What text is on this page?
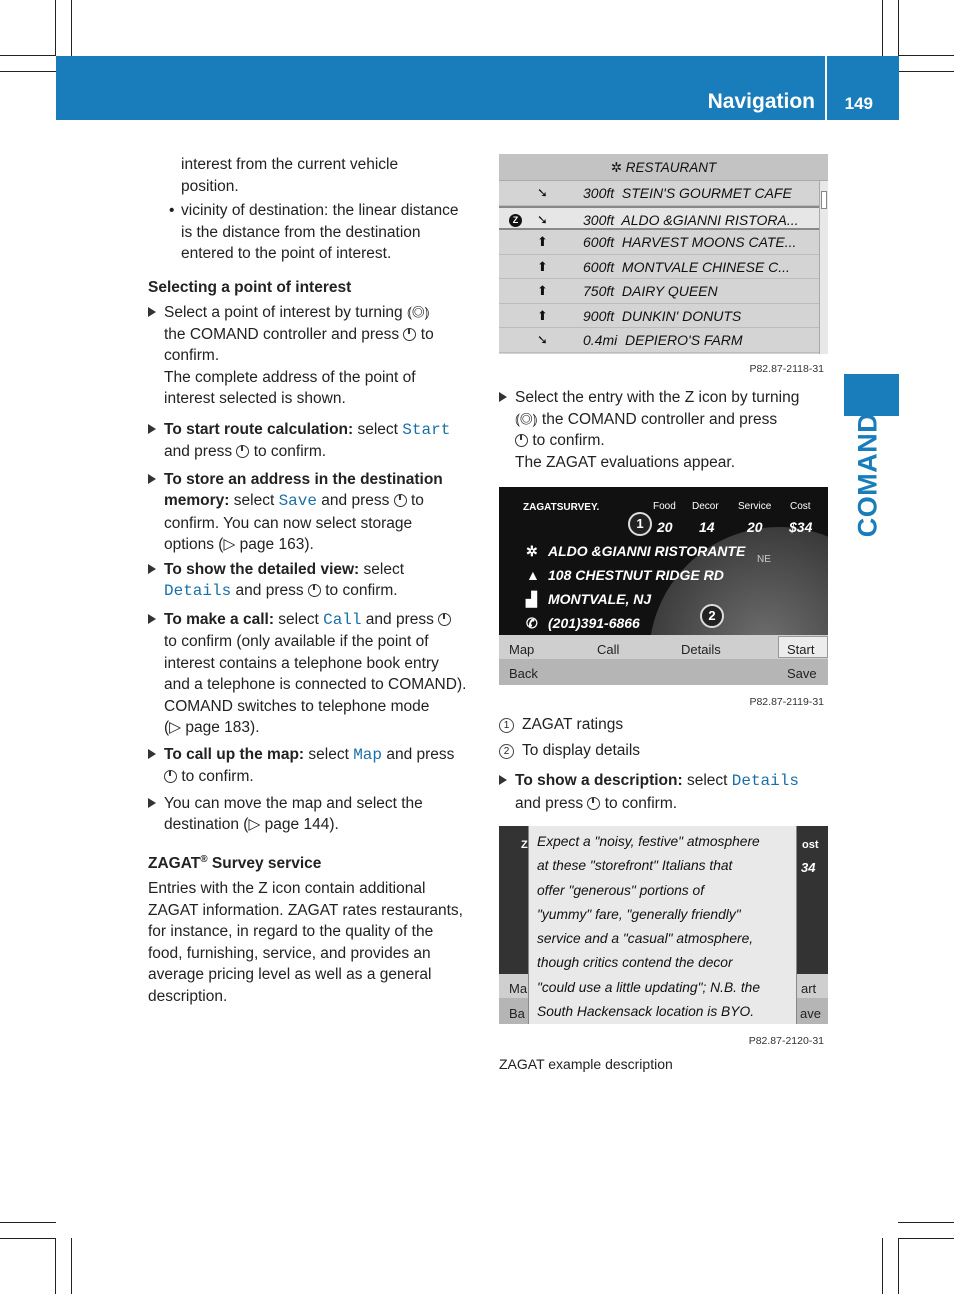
Navigation 149
COMAND

interest from the current vehicle

position.

• vicinity of destination: the linear distance

is the distance from the destination

entered to the point of interest.

Selecting a point of interest

Select a point of interest by turning ⦅◎⦆

the COMAND controller and press to

confirm.

The complete address of the point of

interest selected is shown.

To start route calculation: select Start

and press to confirm.

To store an address in the destination

memory: select Save and press to

confirm. You can now select storage

options (▷ page 163).

To show the detailed view: select

Details and press to confirm.

To make a call: select Call and press

to confirm (only available if the point of

interest contains a telephone book entry

and a telephone is connected to COMAND).

COMAND switches to telephone mode

(▷ page 183).

To call up the map: select Map and press

to confirm.

You can move the map and select the

destination (▷ page 144).

ZAGAT® Survey service

Entries with the Z icon contain additional

ZAGAT information. ZAGAT rates restaurants,

for instance, in regard to the quality of the

food, furnishing, service, and provides an

average pricing level as well as a general

description.

✲ RESTAURANT
➘	300ft  STEIN'S GOURMET CAFE
Z ➘	300ft  ALDO &GIANNI RISTORA...
⬆	600ft  HARVEST MOONS CATE...
⬆	600ft  MONTVALE CHINESE C...
⬆	750ft  DAIRY QUEEN
⬆	900ft  DUNKIN' DONUTS
➘	0.4mi  DEPIERO'S FARM
P82.87-2118-31

Select the entry with the Z icon by turning

⦅◎⦆ the COMAND controller and press

to confirm.

The ZAGAT evaluations appear.

ZAGATSURVEY.	Food Decor Service Cost
20 14 20 $34
1
✲ ALDO &GIANNI RISTORANTE
▲ 108 CHESTNUT RIDGE RD
▟ MONTVALE, NJ
✆ (201)391-6866
NE
2
Map	Call	Details	Start
Back	Save
P82.87-2119-31

1 ZAGAT ratings

2 To display details

To show a description: select Details

and press to confirm.

Z
Ma
Ba
ost
34
art
ave
Expect a "noisy, festive" atmosphere
at these "storefront" Italians that
offer "generous" portions of
"yummy" fare, "generally friendly"
service and a "casual" atmosphere,
though critics contend the decor
"could use a little updating"; N.B. the
South Hackensack location is BYO.
P82.87-2120-31

ZAGAT example description
